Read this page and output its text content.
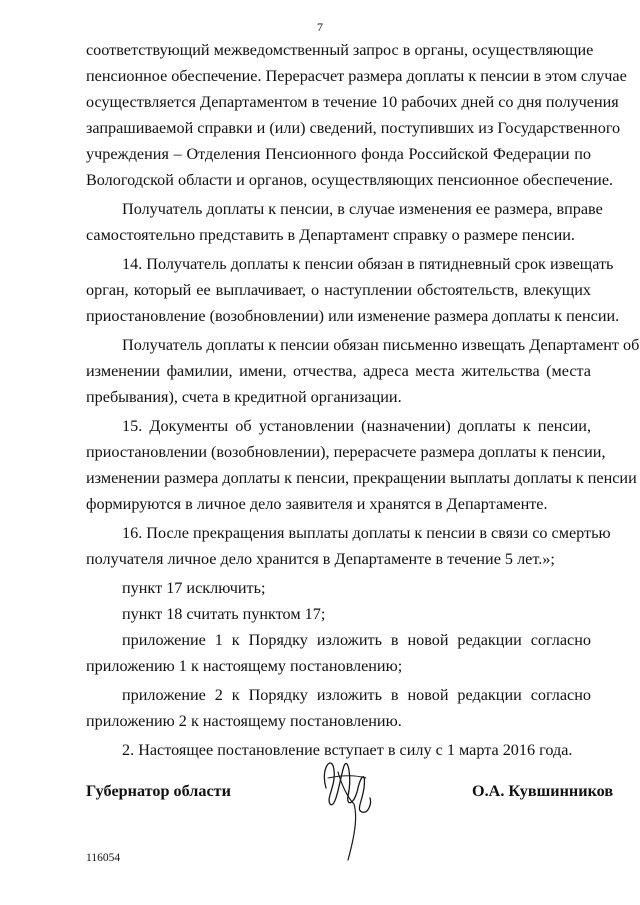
7
соответствующий межведомственный запрос в органы, осуществляющие
пенсионное обеспечение. Перерасчет размера доплаты к пенсии в этом случае
осуществляется Департаментом в течение 10 рабочих дней со дня получения
запрашиваемой справки и (или) сведений, поступивших из Государственного
учреждения – Отделения Пенсионного фонда Российской Федерации по
Вологодской области и органов, осуществляющих пенсионное обеспечение.
Получатель доплаты к пенсии, в случае изменения ее размера, вправе
самостоятельно представить в Департамент справку о размере пенсии.
14. Получатель доплаты к пенсии обязан в пятидневный срок извещать
орган, который ее выплачивает, о наступлении обстоятельств, влекущих
приостановление (возобновлении) или изменение размера доплаты к пенсии.
Получатель доплаты к пенсии обязан письменно извещать Департамент об
изменении фамилии, имени, отчества, адреса места жительства (места
пребывания), счета в кредитной организации.
15. Документы об установлении (назначении) доплаты к пенсии,
приостановлении (возобновлении), перерасчете размера доплаты к пенсии,
изменении размера доплаты к пенсии, прекращении выплаты доплаты к пенсии
формируются в личное дело заявителя и хранятся в Департаменте.
16. После прекращения выплаты доплаты к пенсии в связи со смертью
получателя личное дело хранится в Департаменте в течение 5 лет.»;
пункт 17 исключить;
пункт 18 считать пунктом 17;
приложение 1 к Порядку изложить в новой редакции согласно
приложению 1 к настоящему постановлению;
приложение 2 к Порядку изложить в новой редакции согласно
приложению 2 к настоящему постановлению.
2. Настоящее постановление вступает в силу с 1 марта 2016 года.
Губернатор области	О.А. Кувшинников
116054
